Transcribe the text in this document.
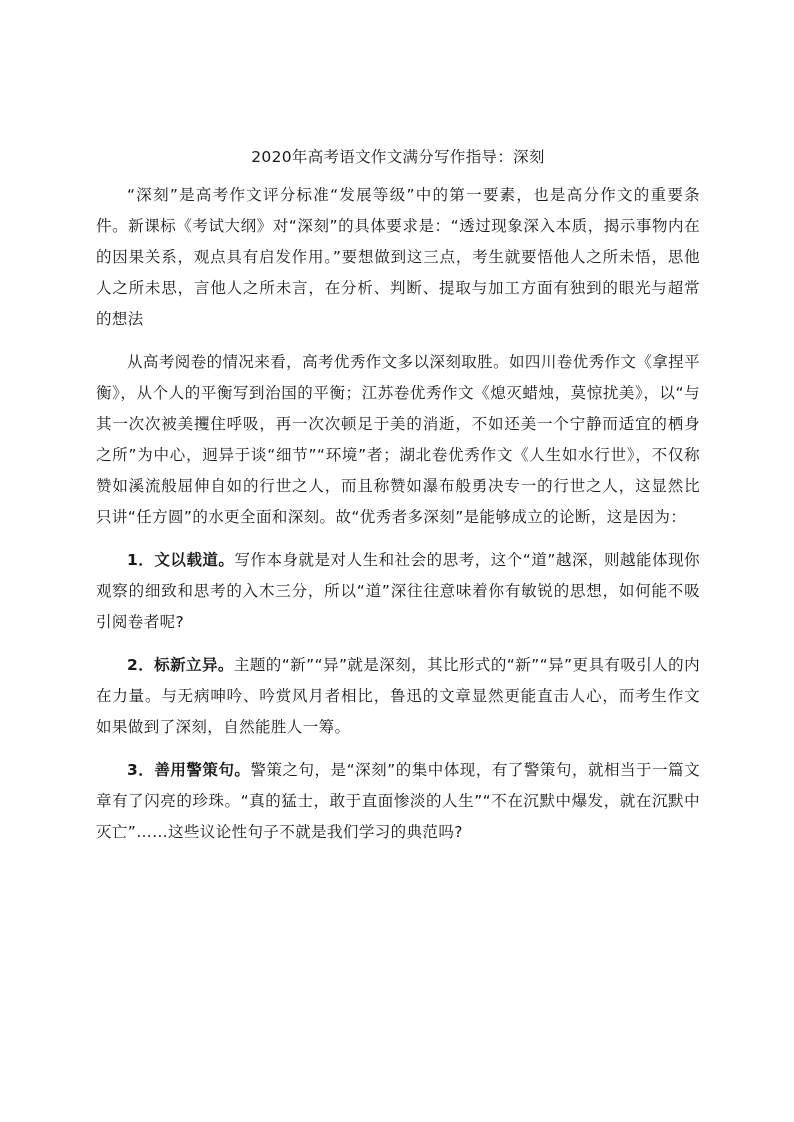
2020年高考语文作文满分写作指导：深刻

“深刻”是高考作文评分标准“发展等级”中的第一要素，也是高分作文的重要条件。新课标《考试大纲》对“深刻”的具体要求是：“透过现象深入本质，揭示事物内在的因果关系，观点具有启发作用。”要想做到这三点，考生就要悟他人之所未悟，思他人之所未思，言他人之所未言，在分析、判断、提取与加工方面有独到的眼光与超常的想法

从高考阅卷的情况来看，高考优秀作文多以深刻取胜。如四川卷优秀作文《拿捏平衡》，从个人的平衡写到治国的平衡；江苏卷优秀作文《熄灭蜡烛，莫惊扰美》，以“与其一次次被美攫住呼吸，再一次次顿足于美的消逝，不如还美一个宁静而适宜的栖身之所”为中心，迥异于谈“细节”“环境”者；湖北卷优秀作文《人生如水行世》，不仅称赞如溪流般屈伸自如的行世之人，而且称赞如瀑布般勇决专一的行世之人，这显然比只讲“任方圆”的水更全面和深刻。故“优秀者多深刻”是能够成立的论断，这是因为：

1．文以载道。写作本身就是对人生和社会的思考，这个“道”越深，则越能体现你观察的细致和思考的入木三分，所以“道”深往往意味着你有敏锐的思想，如何能不吸引阅卷者呢?

2．标新立异。主题的“新”“异”就是深刻，其比形式的“新”“异”更具有吸引人的内在力量。与无病呻吟、吟赏风月者相比，鲁迅的文章显然更能直击人心，而考生作文如果做到了深刻，自然能胜人一筹。

3．善用警策句。警策之句，是“深刻”的集中体现，有了警策句，就相当于一篇文章有了闪亮的珍珠。“真的猛士，敢于直面惨淡的人生”“不在沉默中爆发，就在沉默中灭亡”……这些议论性句子不就是我们学习的典范吗?
